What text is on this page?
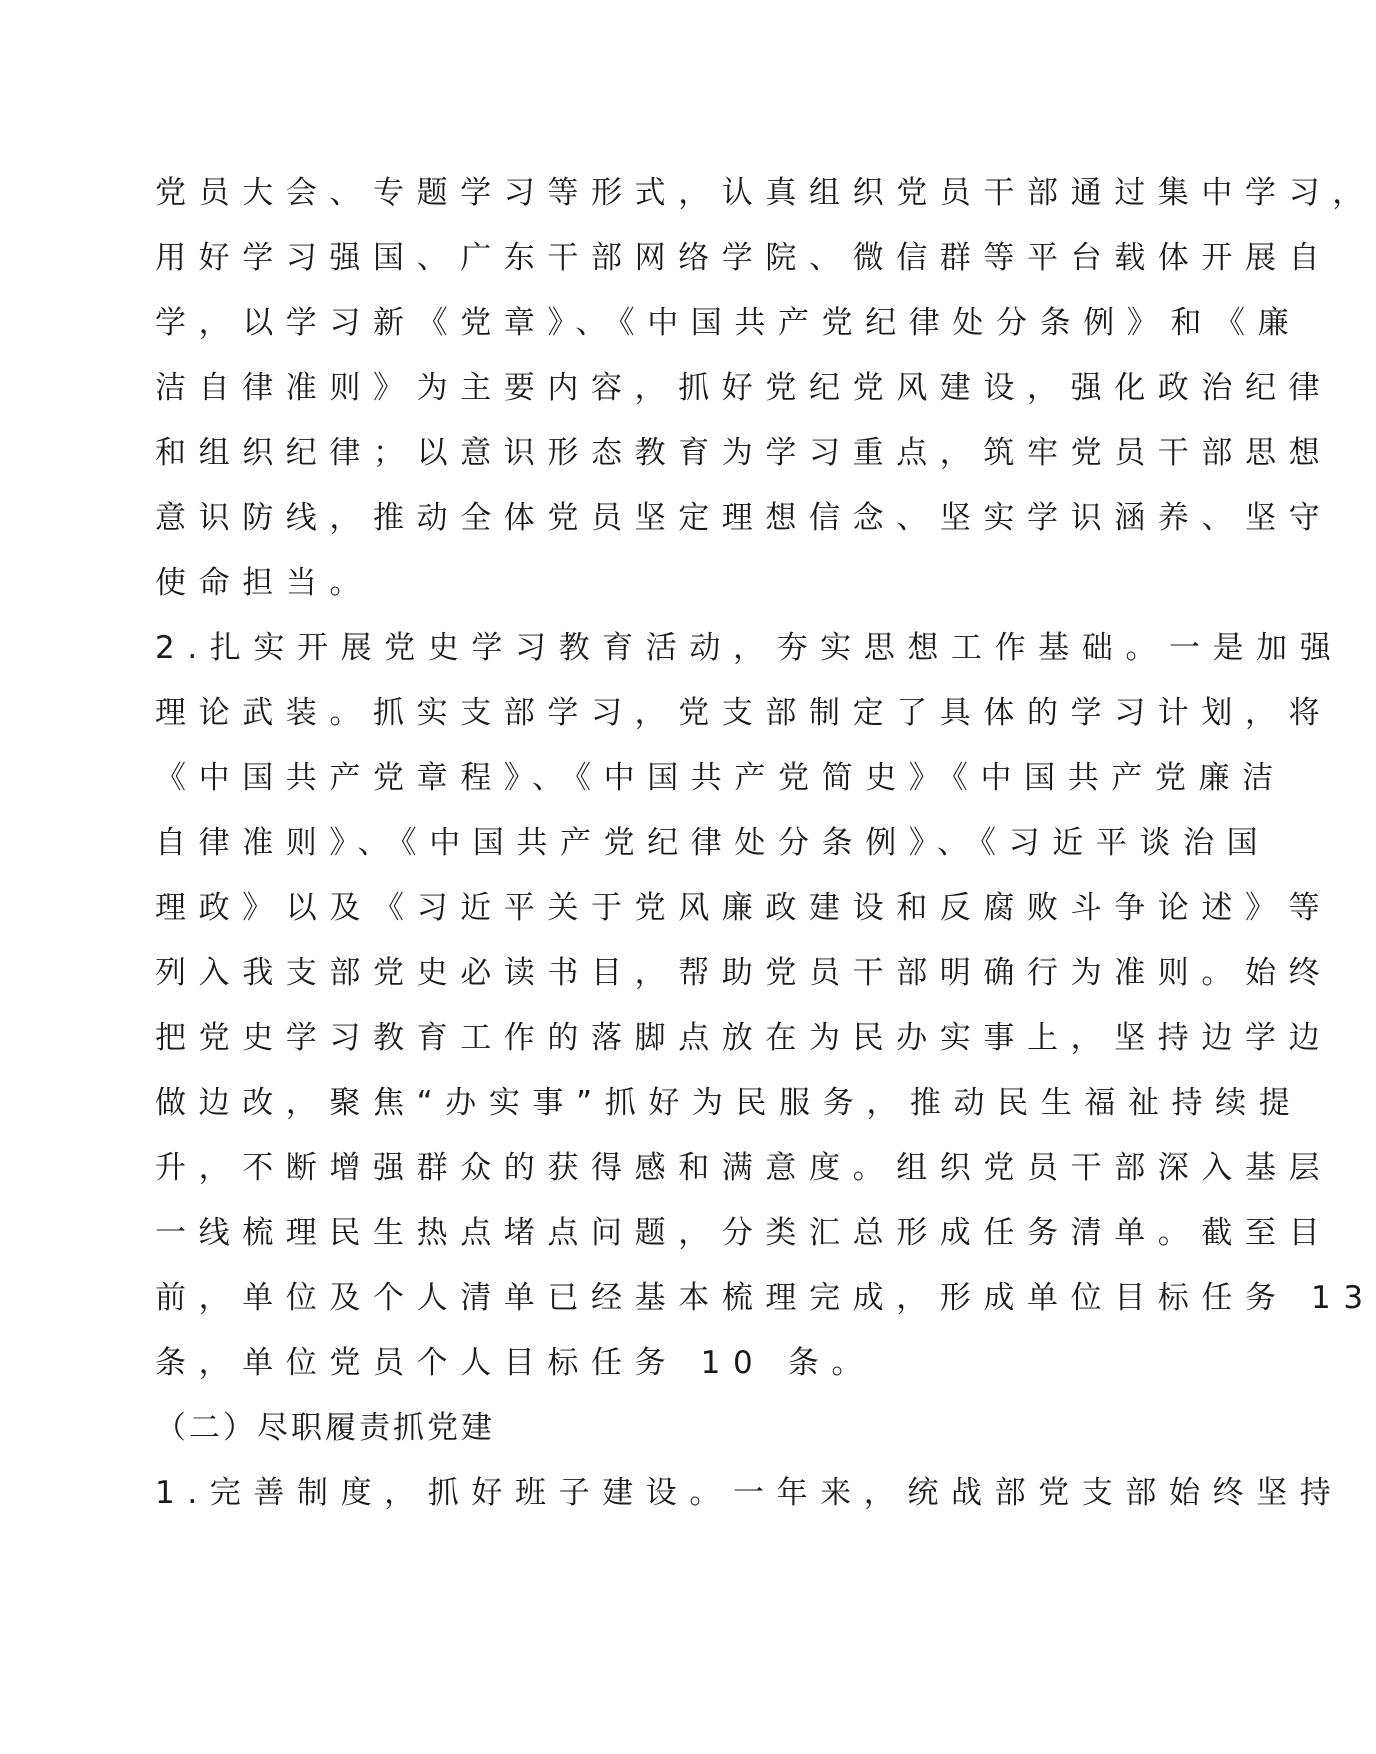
党员大会、专题学习等形式，认真组织党员干部通过集中学习，
用好学习强国、广东干部网络学院、微信群等平台载体开展自
学，以学习新《党章》、《中国共产党纪律处分条例》和《廉
洁自律准则》为主要内容，抓好党纪党风建设，强化政治纪律
和组织纪律；以意识形态教育为学习重点，筑牢党员干部思想
意识防线，推动全体党员坚定理想信念、坚实学识涵养、坚守
使命担当。
2.扎实开展党史学习教育活动，夯实思想工作基础。一是加强
理论武装。抓实支部学习，党支部制定了具体的学习计划，将
《中国共产党章程》、《中国共产党简史》《中国共产党廉洁
自律准则》、《中国共产党纪律处分条例》、《习近平谈治国
理政》以及《习近平关于党风廉政建设和反腐败斗争论述》等
列入我支部党史必读书目，帮助党员干部明确行为准则。始终
把党史学习教育工作的落脚点放在为民办实事上，坚持边学边
做边改，聚焦“办实事”抓好为民服务，推动民生福祉持续提
升，不断增强群众的获得感和满意度。组织党员干部深入基层
一线梳理民生热点堵点问题，分类汇总形成任务清单。截至目
前，单位及个人清单已经基本梳理完成，形成单位目标任务 13
条，单位党员个人目标任务 10 条。
（二）尽职履责抓党建
1.完善制度，抓好班子建设。一年来，统战部党支部始终坚持
